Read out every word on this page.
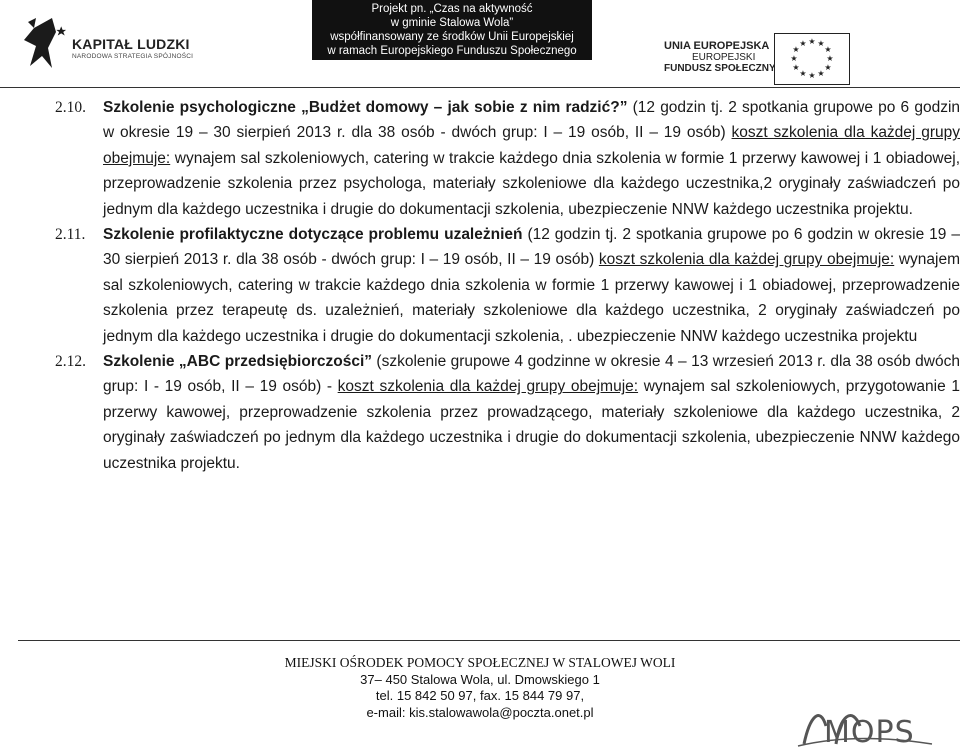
KAPITAŁ LUDZKI
NARODOWA STRATEGIA SPÓJNOŚCI
Projekt pn. „Czas na aktywność
w gminie Stalowa Wola”
współfinansowany ze środków Unii Europejskiej
w ramach Europejskiego Funduszu Społecznego	UNIA EUROPEJSKA
EUROPEJSKI
FUNDUSZ SPOŁECZNY
★ ★
★
★
★
★
★
★
★
★
★
★
2.10. Szkolenie psychologiczne „Budżet domowy – jak sobie z nim radzić?” (12 godzin tj. 2 spotkania grupowe po 6 godzin w okresie 19 – 30 sierpień 2013 r. dla 38 osób - dwóch grup: I – 19 osób, II – 19 osób) koszt szkolenia dla każdej grupy obejmuje: wynajem sal szkoleniowych, catering w trakcie każdego dnia szkolenia w formie 1 przerwy kawowej i 1 obiadowej, przeprowadzenie szkolenia przez psychologa, materiały szkoleniowe dla każdego uczestnika,2 oryginały zaświadczeń po jednym dla każdego uczestnika i drugie do dokumentacji szkolenia, ubezpieczenie NNW każdego uczestnika projektu.
2.11. Szkolenie profilaktyczne dotyczące problemu uzależnień (12 godzin tj. 2 spotkania grupowe po 6 godzin w okresie 19 – 30 sierpień 2013 r. dla 38 osób - dwóch grup: I – 19 osób, II – 19 osób) koszt szkolenia dla każdej grupy obejmuje: wynajem sal szkoleniowych, catering w trakcie każdego dnia szkolenia w formie 1 przerwy kawowej i 1 obiadowej, przeprowadzenie szkolenia przez terapeutę ds. uzależnień, materiały szkoleniowe dla każdego uczestnika, 2 oryginały zaświadczeń po jednym dla każdego uczestnika i drugie do dokumentacji szkolenia, . ubezpieczenie NNW każdego uczestnika projektu
2.12. Szkolenie „ABC przedsiębiorczości” (szkolenie grupowe 4 godzinne w okresie 4 – 13 wrzesień 2013 r. dla 38 osób dwóch grup: I - 19 osób, II – 19 osób) - koszt szkolenia dla każdej grupy obejmuje: wynajem sal szkoleniowych, przygotowanie 1 przerwy kawowej, przeprowadzenie szkolenia przez prowadzącego, materiały szkoleniowe dla każdego uczestnika, 2 oryginały zaświadczeń po jednym dla każdego uczestnika i drugie do dokumentacji szkolenia, ubezpieczenie NNW każdego uczestnika projektu.
MIEJSKI OŚRODEK POMOCY SPOŁECZNEJ W STALOWEJ WOLI
37– 450 Stalowa Wola, ul. Dmowskiego 1
tel. 15 842 50 97, fax. 15 844 79 97,
e-mail: kis.stalowawola@poczta.onet.pl
MOPS
